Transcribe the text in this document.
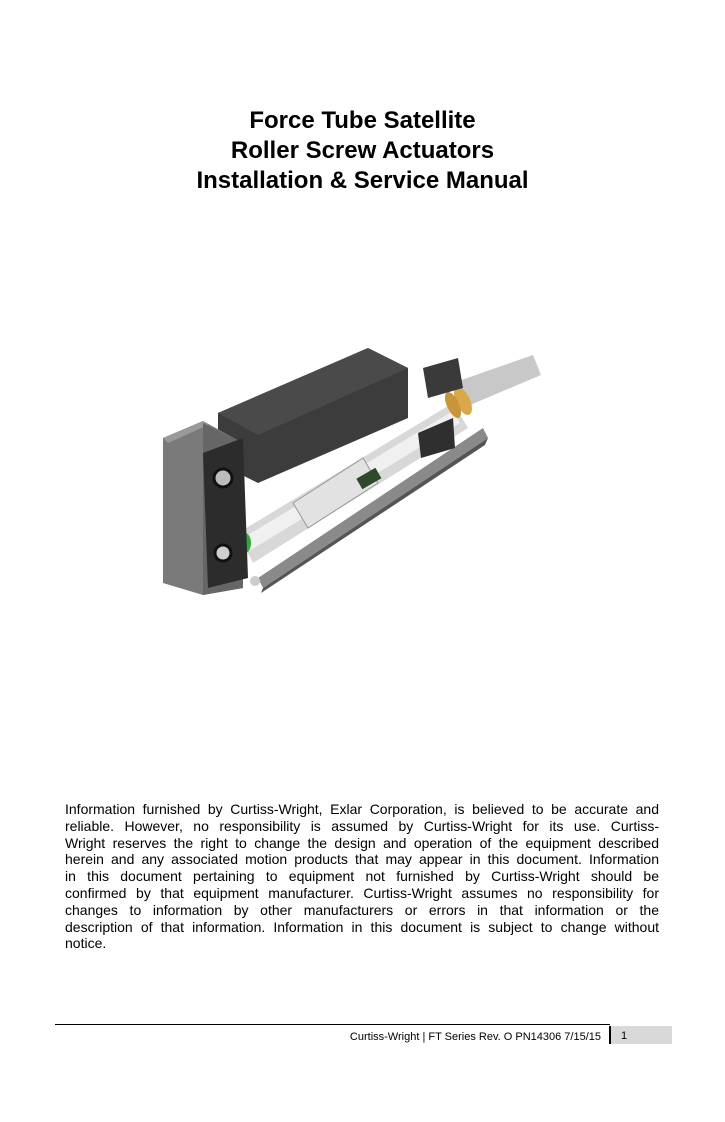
Force Tube Satellite
Roller Screw Actuators
Installation & Service Manual
Information furnished by Curtiss-Wright, Exlar Corporation, is believed to be accurate and
reliable. However, no responsibility is assumed by Curtiss-Wright for its use. Curtiss-
Wright reserves the right to change the design and operation of the equipment described
herein and any associated motion products that may appear in this document. Information
in this document pertaining to equipment not furnished by Curtiss-Wright should be
confirmed by that equipment manufacturer. Curtiss-Wright assumes no responsibility for
changes to information by other manufacturers or errors in that information or the
description of that information. Information in this document is subject to change without
notice.
Curtiss-Wright | FT Series Rev. O PN14306 7/15/15 1
